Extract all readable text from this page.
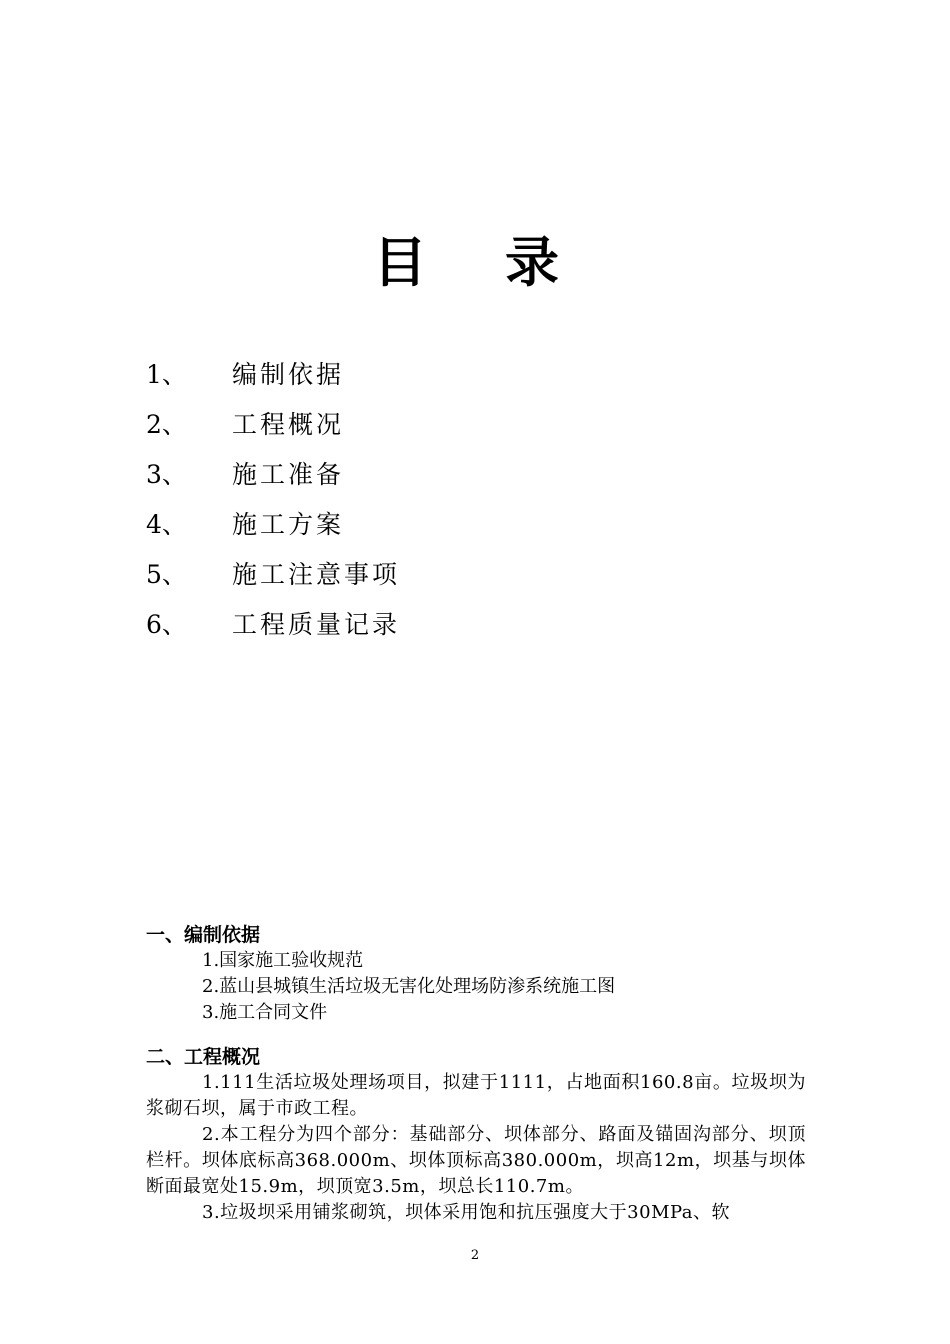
目录
1、	编制依据
2、	工程概况
3、	施工准备
4、	施工方案
5、	施工注意事项
6、	工程质量记录
一、编制依据
1.国家施工验收规范
2.蓝山县城镇生活垃圾无害化处理场防渗系统施工图
3.施工合同文件
二、工程概况
1.111生活垃圾处理场项目，拟建于1111，占地面积160.8亩。垃圾坝为浆砌石坝，属于市政工程。
2.本工程分为四个部分：基础部分、坝体部分、路面及锚固沟部分、坝顶栏杆。坝体底标高368.000m、坝体顶标高380.000m，坝高12m，坝基与坝体断面最宽处15.9m，坝顶宽3.5m，坝总长110.7m。
3.垃圾坝采用铺浆砌筑，坝体采用饱和抗压强度大于30MPa、软
2
